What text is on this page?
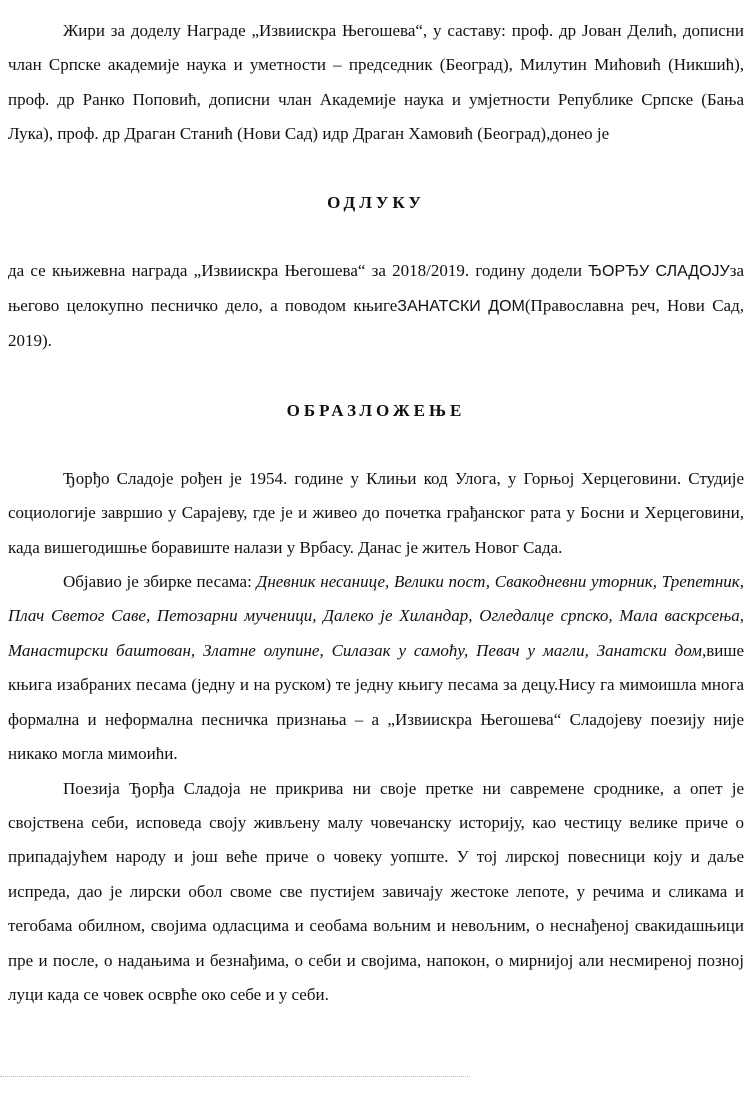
Жири за доделу Награде „Извиискра Његошева“, у саставу: проф. др Јован Делић, дописни члан Српске академије наука и уметности – председник (Београд), Милутин Мићовић (Никшић), проф. др Ранко Поповић, дописни члан Академије наука и умјетности Републике Српске (Бања Лука), проф. др Драган Станић (Нови Сад) идр Драган Хамовић (Београд),донео је

ОДЛУКУ

да се књижевна награда „Извиискра Његошева“ за 2018/2019. годину додели ЂОРЂУ СЛАДОЈУза његово целокупно песничко дело, а поводом књигеЗАНАТСКИ ДОМ(Православна реч, Нови Сад, 2019).

ОБРАЗЛОЖЕЊЕ

Ђорђо Сладоје рођен је 1954. године у Клињи код Улога, у Горњој Херцеговини. Студије социологије завршио у Сарајеву, где је и живео до почетка грађанског рата у Босни и Херцеговини, када вишегодишње боравиште налази у Врбасу. Данас је житељ Новог Сада.

Објавио је збирке песама: Дневник несанице, Велики пост, Свакодневни уторник, Трепетник, Плач Светог Саве, Петозарни мученици, Далеко је Хиландар, Огледалце српско, Мала васкрсења, Манастирски баштован, Златне олупине, Силазак у самоћу, Певач у магли, Занатски дом,више књига изабраних песама (једну и на руском) те једну књигу песама за децу.Нису га мимоишла многа формална и неформална песничка признања – а „Извиискра Његошева“ Сладојеву поезију није никако могла мимоићи.

Поезија Ђорђа Сладоја не прикрива ни своје претке ни савремене сроднике, а опет је својствена себи, исповеда своју живљену малу човечанску историју, као честицу велике приче о припадајућем народу и још веће приче о човеку уопште. У тој лирској повесници коју и даље испреда, дао је лирски обол своме све пустијем завичају жестоке лепоте, у речима и сликама и тегобама обилном, својима одласцима и сеобама вољним и невољним, о неснађеној свакидашњици пре и после, о надањима и безнађима, о себи и својима, напокон, о мирнијој али несмиреној позној луци када се човек осврће око себе и у себи.
